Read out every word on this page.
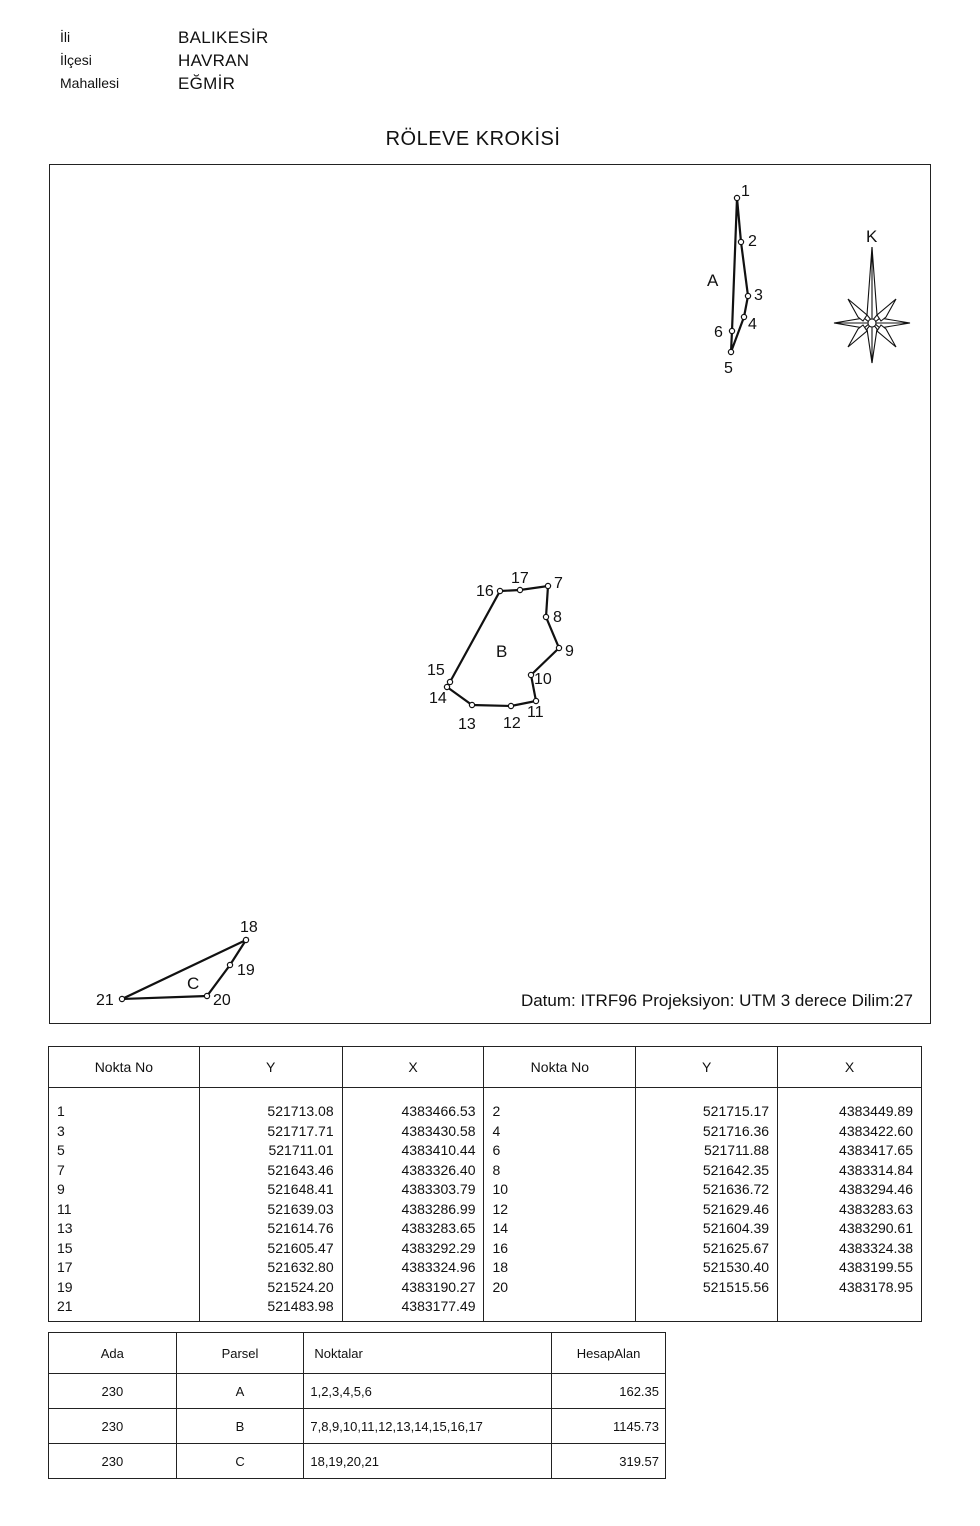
İli	BALIKESİR
İlçesi	HAVRAN
Mahallesi	EĞMİR
RÖLEVE KROKİSİ
1
2
3
4
5
6
7
8
9
10
11
12
13
14
15
16
17
18
19
20
21
A
B
C
K
Datum: ITRF96 Projeksiyon: UTM 3 derece Dilim:27
Nokta No	Y	X	Nokta No	Y	X
1	521713.08	4383466.53	2	521715.17	4383449.89
3	521717.71	4383430.58	4	521716.36	4383422.60
5	521711.01	4383410.44	6	521711.88	4383417.65
7	521643.46	4383326.40	8	521642.35	4383314.84
9	521648.41	4383303.79	10	521636.72	4383294.46
11	521639.03	4383286.99	12	521629.46	4383283.63
13	521614.76	4383283.65	14	521604.39	4383290.61
15	521605.47	4383292.29	16	521625.67	4383324.38
17	521632.80	4383324.96	18	521530.40	4383199.55
19	521524.20	4383190.27	20	521515.56	4383178.95
21	521483.98	4383177.49			
Ada	Parsel	Noktalar	HesapAlan
230	A	1,2,3,4,5,6	162.35
230	B	7,8,9,10,11,12,13,14,15,16,17	1145.73
230	C	18,19,20,21	319.57
